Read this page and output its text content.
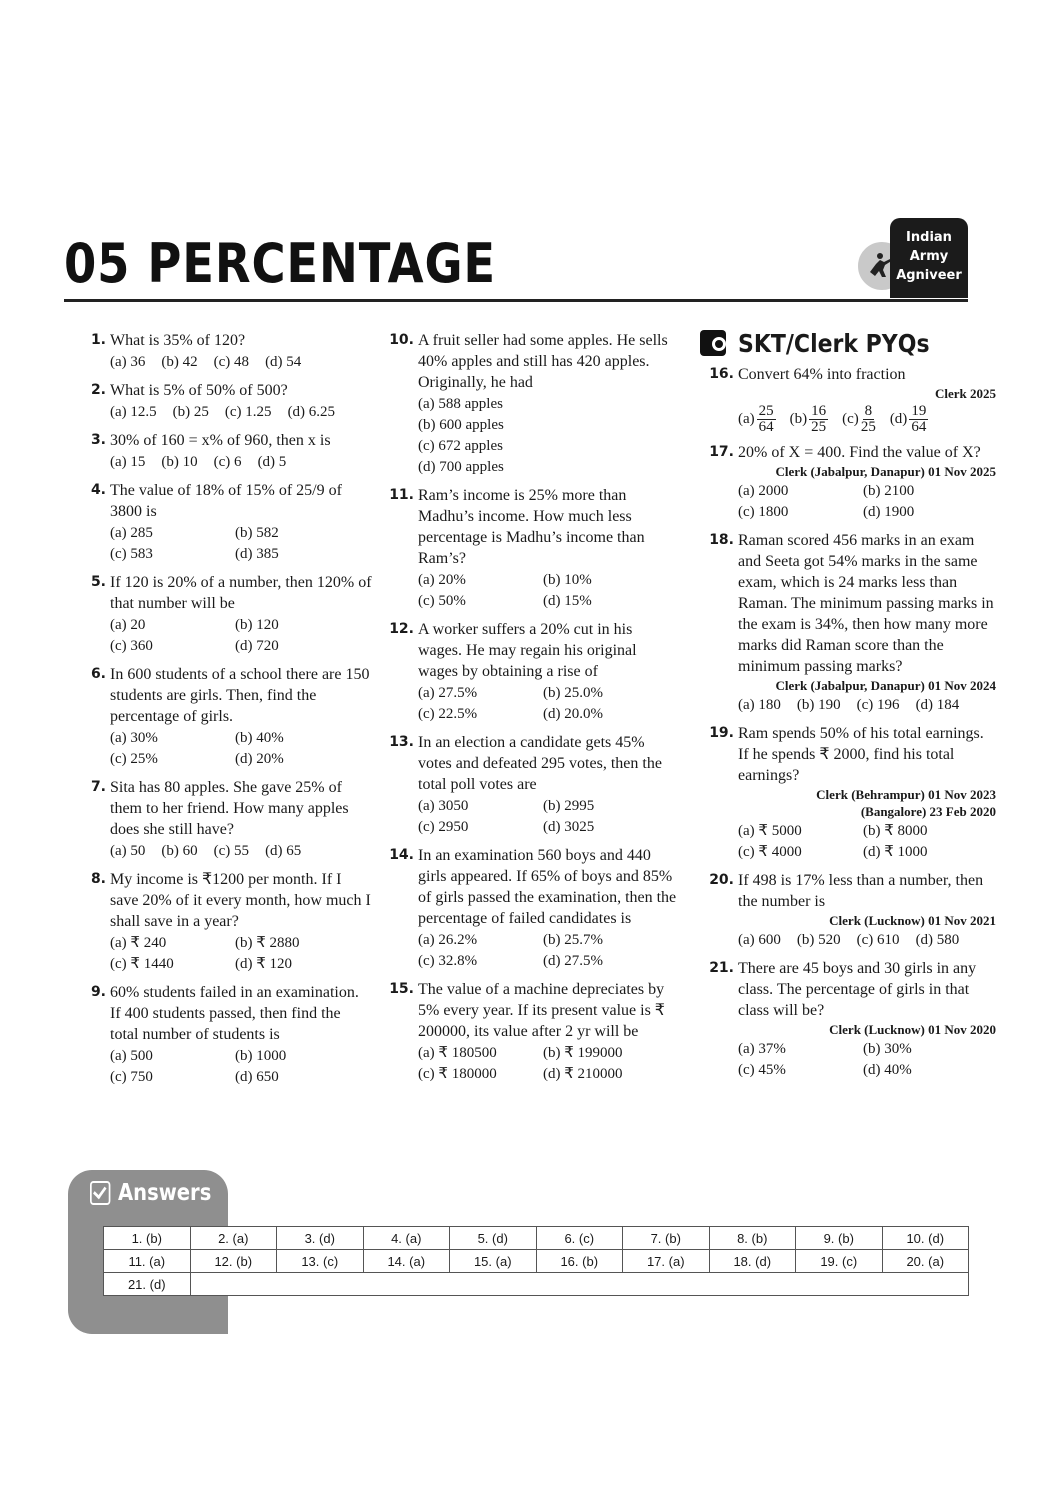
05 PERCENTAGE	Indian
Army
Agniveer
1. What is 35% of 120?
(a) 36 (b) 42 (c) 48 (d) 54
2. What is 5% of 50% of 500?
(a) 12.5 (b) 25 (c) 1.25 (d) 6.25
3. 30% of 160 = x% of 960, then x is
(a) 15 (b) 10 (c) 6 (d) 5
4. The value of 18% of 15% of 25/9 of 3800 is
(a) 285	(b) 582
(c) 583	(d) 385
5. If 120 is 20% of a number, then 120% of that number will be
(a) 20	(b) 120
(c) 360	(d) 720
6. In 600 students of a school there are 150 students are girls. Then, find the percentage of girls.
(a) 30%	(b) 40%
(c) 25%	(d) 20%
7. Sita has 80 apples. She gave 25% of them to her friend. How many apples does she still have?
(a) 50 (b) 60 (c) 55 (d) 65
8. My income is ₹1200 per month. If I save 20% of it every month, how much I shall save in a year?
(a) ₹ 240	(b) ₹ 2880
(c) ₹ 1440	(d) ₹ 120
9. 60% students failed in an examination. If 400 students passed, then find the total number of students is
(a) 500	(b) 1000
(c) 750	(d) 650
10. A fruit seller had some apples. He sells 40% apples and still has 420 apples. Originally, he had
(a) 588 apples
(b) 600 apples
(c) 672 apples
(d) 700 apples
11. Ram’s income is 25% more than Madhu’s income. How much less percentage is Madhu’s income than Ram’s?
(a) 20%	(b) 10%
(c) 50%	(d) 15%
12. A worker suffers a 20% cut in his wages. He may regain his original wages by obtaining a rise of
(a) 27.5%	(b) 25.0%
(c) 22.5%	(d) 20.0%
13. In an election a candidate gets 45% votes and defeated 295 votes, then the total poll votes are
(a) 3050	(b) 2995
(c) 2950	(d) 3025
14. In an examination 560 boys and 440 girls appeared. If 65% of boys and 85% of girls passed the examination, then the percentage of failed candidates is
(a) 26.2%	(b) 25.7%
(c) 32.8%	(d) 27.5%
15. The value of a machine depreciates by 5% every year. If its present value is ₹ 200000, its value after 2 yr will be
(a) ₹ 180500	(b) ₹ 199000
(c) ₹ 180000	(d) ₹ 210000
SKT/Clerk PYQs
16. Convert 64% into fraction
Clerk 2025
$(a) \frac{25}{64} (b) \frac{16}{25} (c) \frac{8}{25} (d) \frac{19}{64}$
17. 20% of X = 400. Find the value of X?
Clerk (Jabalpur, Danapur) 01 Nov 2025
(a) 2000	(b) 2100
(c) 1800	(d) 1900
18. Raman scored 456 marks in an exam and Seeta got 54% marks in the same exam, which is 24 marks less than Raman. The minimum passing marks in the exam is 34%, then how many more marks did Raman score than the minimum passing marks?
Clerk (Jabalpur, Danapur) 01 Nov 2024
(a) 180 (b) 190 (c) 196 (d) 184
19. Ram spends 50% of his total earnings. If he spends ₹ 2000, find his total earnings?
Clerk (Behrampur) 01 Nov 2023
(Bangalore) 23 Feb 2020
(a) ₹ 5000	(b) ₹ 8000
(c) ₹ 4000	(d) ₹ 1000
20. If 498 is 17% less than a number, then the number is
Clerk (Lucknow) 01 Nov 2021
(a) 600 (b) 520 (c) 610 (d) 580
21. There are 45 boys and 30 girls in any class. The percentage of girls in that class will be?
Clerk (Lucknow) 01 Nov 2020
(a) 37%	(b) 30%
(c) 45%	(d) 40%
Answers
1. (b)	2. (a)	3. (d)	4. (a)	5. (d)	6. (c)	7. (b)	8. (b)	9. (b)	10. (d)
11. (a)	12. (b)	13. (c)	14. (a)	15. (a)	16. (b)	17. (a)	18. (d)	19. (c)	20. (a)
21. (d)									
